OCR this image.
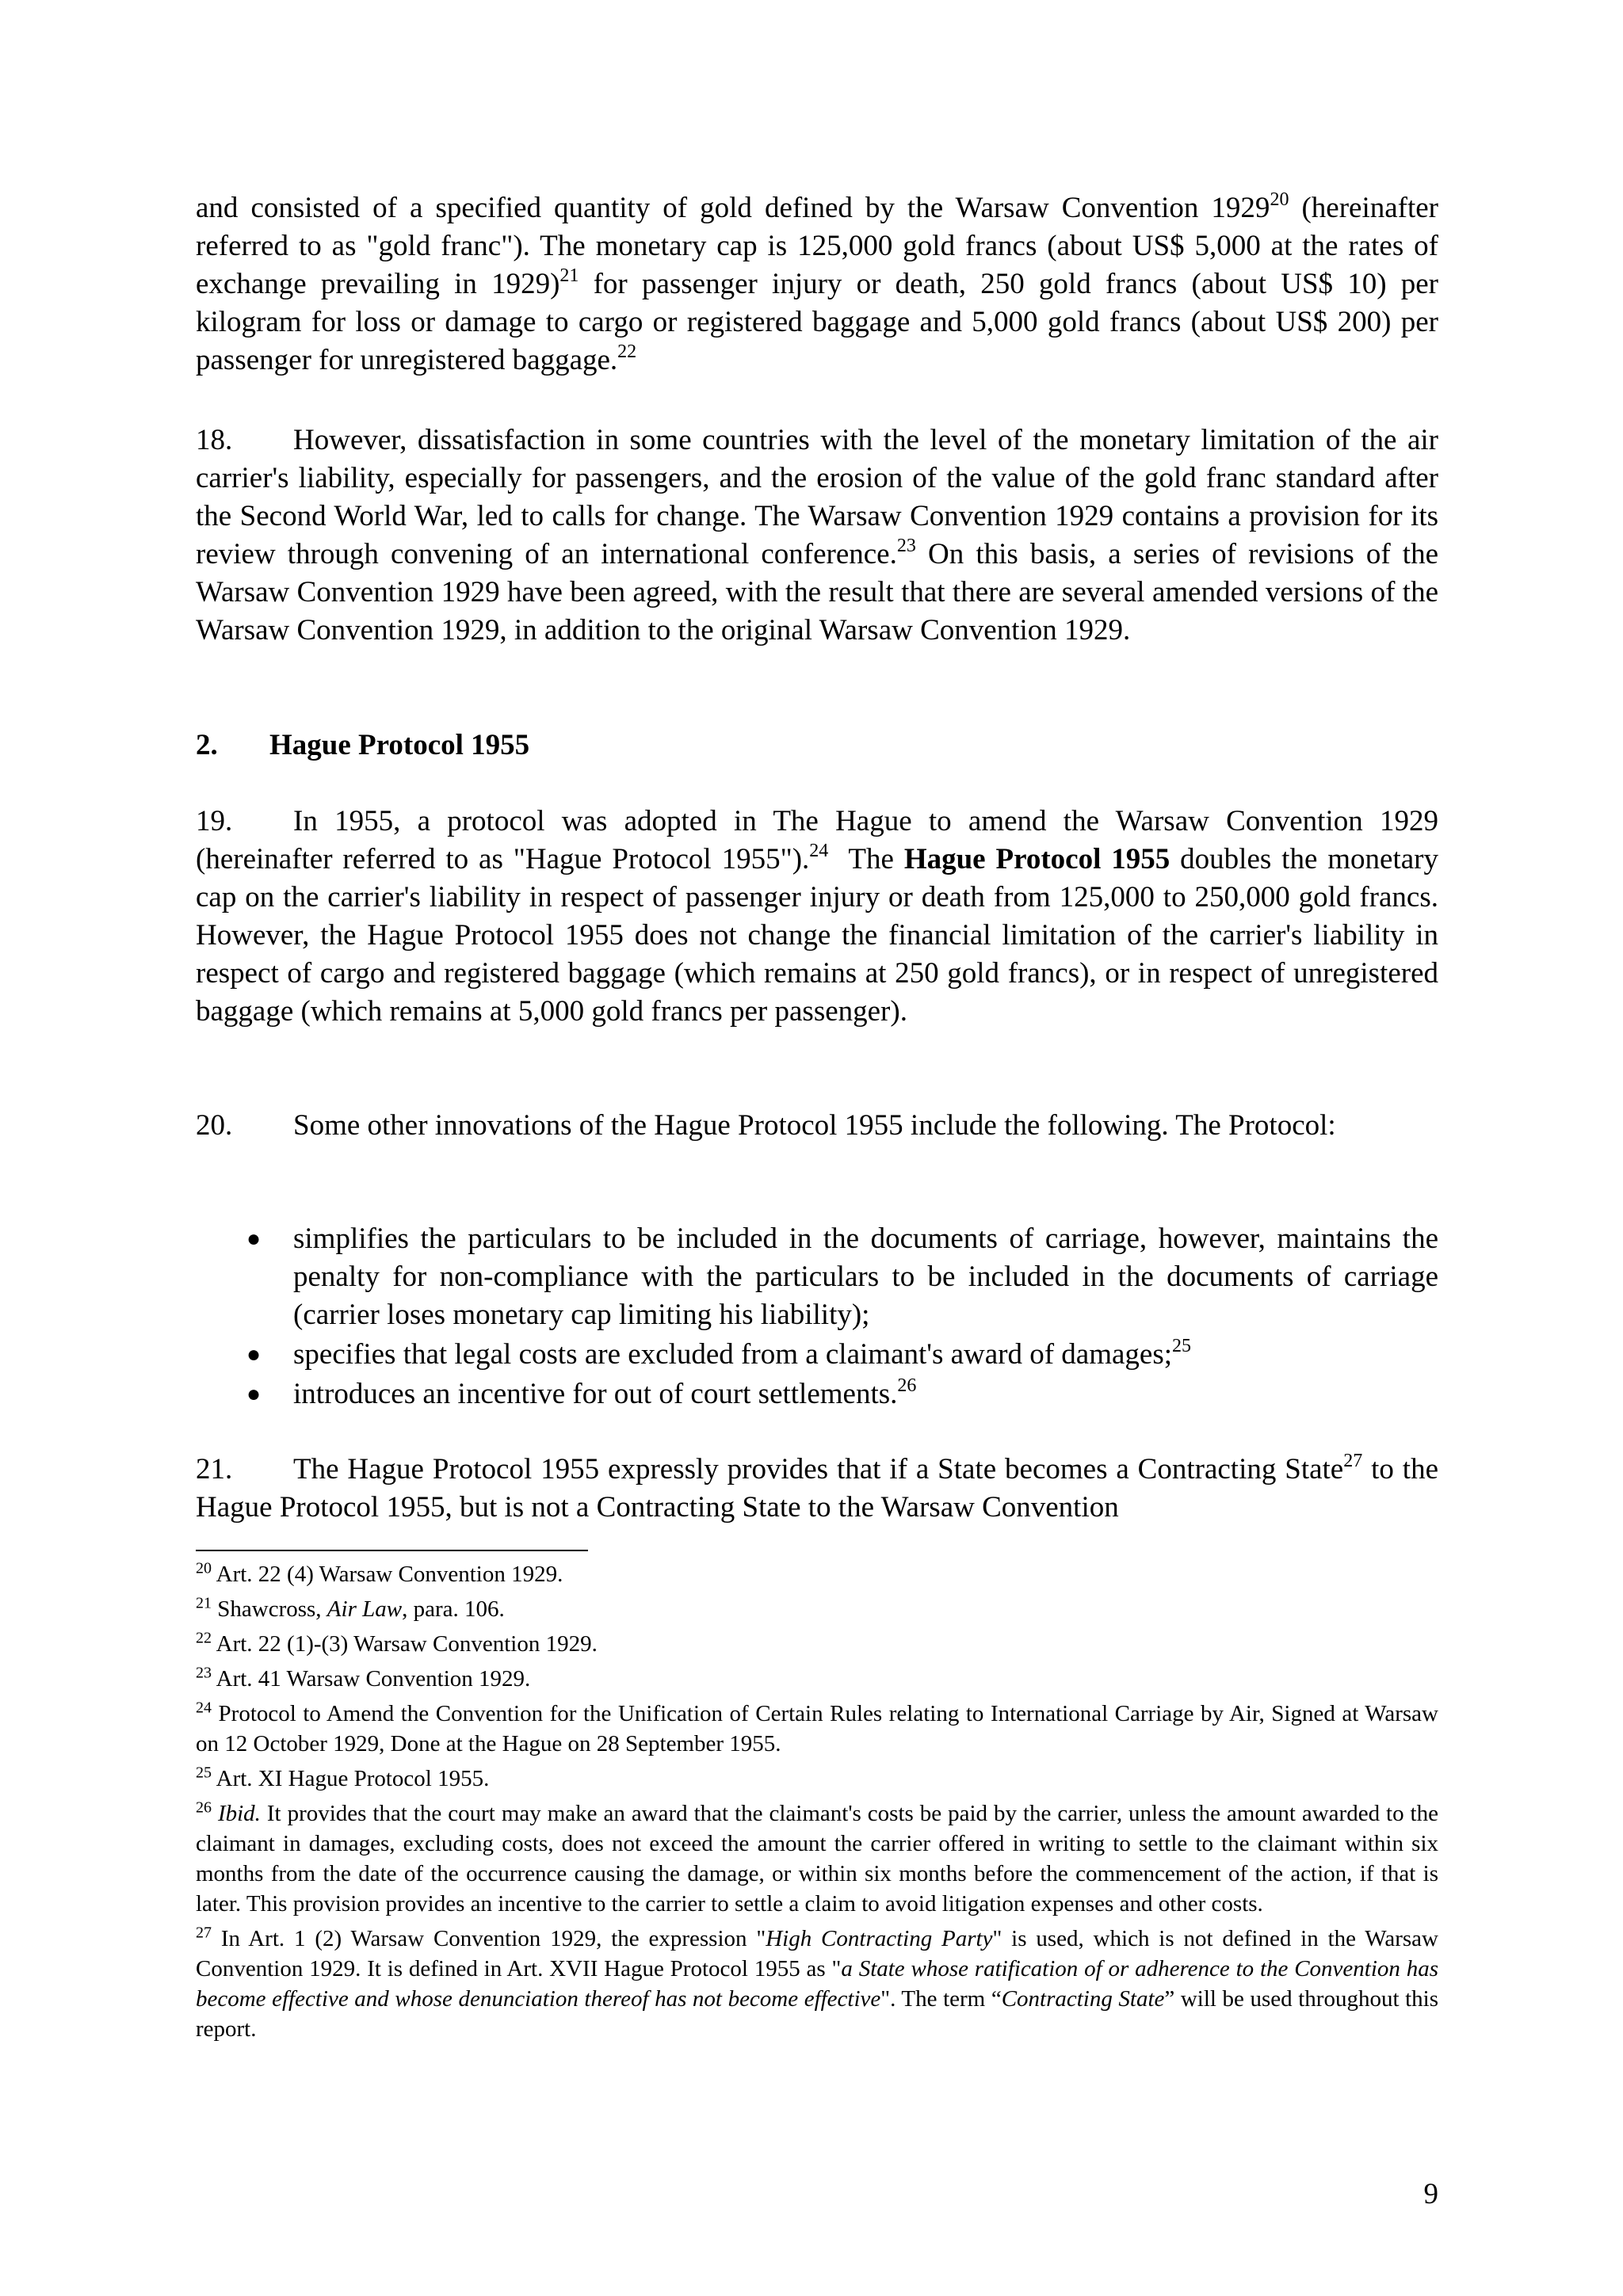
and consisted of a specified quantity of gold defined by the Warsaw Convention 1929$^{20}$ (hereinafter referred to as "gold franc"). The monetary cap is 125,000 gold francs (about US$ 5,000 at the rates of exchange prevailing in 1929)$^{21}$ for passenger injury or death, 250 gold francs (about US$ 10) per kilogram for loss or damage to cargo or registered baggage and 5,000 gold francs (about US$ 200) per passenger for unregistered baggage.$^{22}$

18. However, dissatisfaction in some countries with the level of the monetary limitation of the air carrier's liability, especially for passengers, and the erosion of the value of the gold franc standard after the Second World War, led to calls for change. The Warsaw Convention 1929 contains a provision for its review through convening of an international conference.$^{23}$ On this basis, a series of revisions of the Warsaw Convention 1929 have been agreed, with the result that there are several amended versions of the Warsaw Convention 1929, in addition to the original Warsaw Convention 1929.

2. Hague Protocol 1955

19. In 1955, a protocol was adopted in The Hague to amend the Warsaw Convention 1929 (hereinafter referred to as "Hague Protocol 1955").$^{24}$  The Hague Protocol 1955 doubles the monetary cap on the carrier's liability in respect of passenger injury or death from 125,000 to 250,000 gold francs. However, the Hague Protocol 1955 does not change the financial limitation of the carrier's liability in respect of cargo and registered baggage (which remains at 250 gold francs), or in respect of unregistered baggage (which remains at 5,000 gold francs per passenger).

20. Some other innovations of the Hague Protocol 1955 include the following. The Protocol:

● simplifies the particulars to be included in the documents of carriage, however, maintains the penalty for non-compliance with the particulars to be included in the documents of carriage (carrier loses monetary cap limiting his liability);
● specifies that legal costs are excluded from a claimant's award of damages;$^{25}$
● introduces an incentive for out of court settlements.$^{26}$

21. The Hague Protocol 1955 expressly provides that if a State becomes a Contracting State$^{27}$ to the Hague Protocol 1955, but is not a Contracting State to the Warsaw Convention

$^{20}$ Art. 22 (4) Warsaw Convention 1929.

$^{21}$ Shawcross, Air Law, para. 106.

$^{22}$ Art. 22 (1)-(3) Warsaw Convention 1929.

$^{23}$ Art. 41 Warsaw Convention 1929.

$^{24}$ Protocol to Amend the Convention for the Unification of Certain Rules relating to International Carriage by Air, Signed at Warsaw on 12 October 1929, Done at the Hague on 28 September 1955.

$^{25}$ Art. XI Hague Protocol 1955.

$^{26}$ Ibid. It provides that the court may make an award that the claimant's costs be paid by the carrier, unless the amount awarded to the claimant in damages, excluding costs, does not exceed the amount the carrier offered in writing to settle to the claimant within six months from the date of the occurrence causing the damage, or within six months before the commencement of the action, if that is later. This provision provides an incentive to the carrier to settle a claim to avoid litigation expenses and other costs.

$^{27}$ In Art. 1 (2) Warsaw Convention 1929, the expression "High Contracting Party" is used, which is not defined in the Warsaw Convention 1929. It is defined in Art. XVII Hague Protocol 1955 as "a State whose ratification of or adherence to the Convention has become effective and whose denunciation thereof has not become effective". The term “Contracting State” will be used throughout this report.

9
